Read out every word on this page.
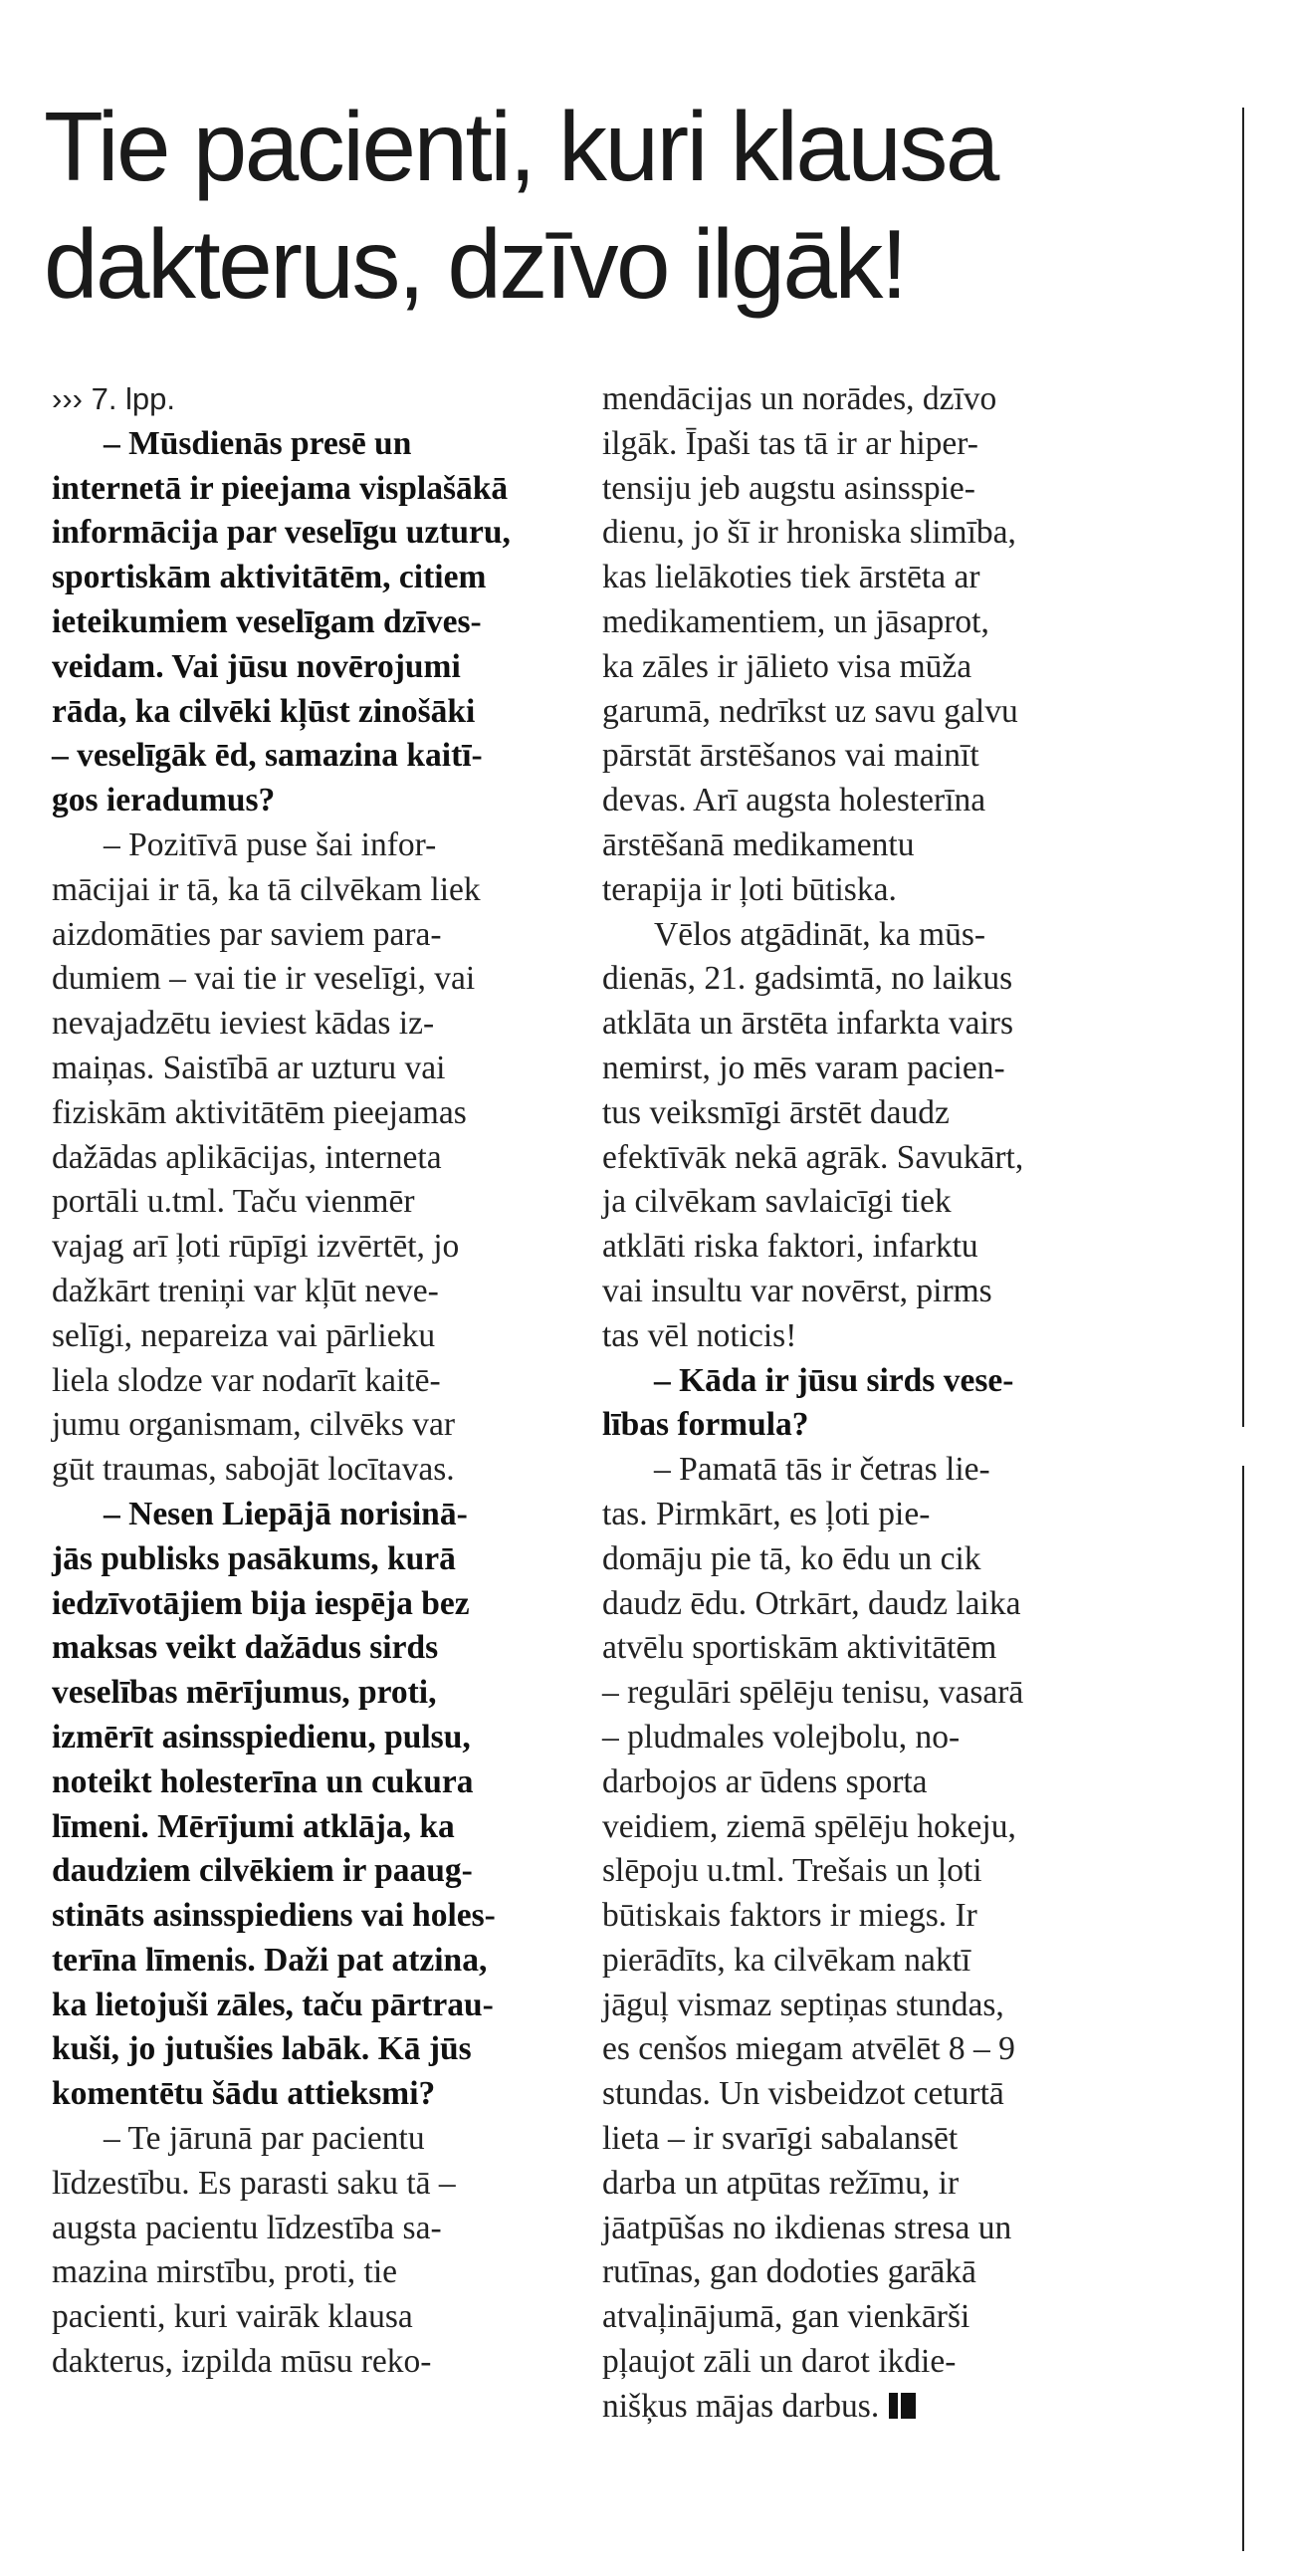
Tie pacienti, kuri klausa
dakterus, dzīvo ilgāk!
››› 7. lpp.
– Mūsdienās presē un
internetā ir pieejama visplašākā
informācija par veselīgu uzturu,
sportiskām aktivitātēm, citiem
ieteikumiem veselīgam dzīves-
veidam. Vai jūsu novērojumi
rāda, ka cilvēki kļūst zinošāki
– veselīgāk ēd, samazina kaitī-
gos ieradumus?
– Pozitīvā puse šai infor-
mācijai ir tā, ka tā cilvēkam liek
aizdomāties par saviem para-
dumiem – vai tie ir veselīgi, vai
nevajadzētu ieviest kādas iz-
maiņas. Saistībā ar uzturu vai
fiziskām aktivitātēm pieejamas
dažādas aplikācijas, interneta
portāli u.tml. Taču vienmēr
vajag arī ļoti rūpīgi izvērtēt, jo
dažkārt treniņi var kļūt neve-
selīgi, nepareiza vai pārlieku
liela slodze var nodarīt kaitē-
jumu organismam, cilvēks var
gūt traumas, sabojāt locītavas.
– Nesen Liepājā norisinā-
jās publisks pasākums, kurā
iedzīvotājiem bija iespēja bez
maksas veikt dažādus sirds
veselības mērījumus, proti,
izmērīt asinsspiedienu, pulsu,
noteikt holesterīna un cukura
līmeni. Mērījumi atklāja, ka
daudziem cilvēkiem ir paaug-
stināts asinsspiediens vai holes-
terīna līmenis. Daži pat atzina,
ka lietojuši zāles, taču pārtrau-
kuši, jo jutušies labāk. Kā jūs
komentētu šādu attieksmi?
– Te jārunā par pacientu
līdzestību. Es parasti saku tā –
augsta pacientu līdzestība sa-
mazina mirstību, proti, tie
pacienti, kuri vairāk klausa
dakterus, izpilda mūsu reko-
mendācijas un norādes, dzīvo
ilgāk. Īpaši tas tā ir ar hiper-
tensiju jeb augstu asinsspie-
dienu, jo šī ir hroniska slimība,
kas lielākoties tiek ārstēta ar
medikamentiem, un jāsaprot,
ka zāles ir jālieto visa mūža
garumā, nedrīkst uz savu galvu
pārstāt ārstēšanos vai mainīt
devas. Arī augsta holesterīna
ārstēšanā medikamentu
terapija ir ļoti būtiska.
Vēlos atgādināt, ka mūs-
dienās, 21. gadsimtā, no laikus
atklāta un ārstēta infarkta vairs
nemirst, jo mēs varam pacien-
tus veiksmīgi ārstēt daudz
efektīvāk nekā agrāk. Savukārt,
ja cilvēkam savlaicīgi tiek
atklāti riska faktori, infarktu
vai insultu var novērst, pirms
tas vēl noticis!
– Kāda ir jūsu sirds vese-
lības formula?
– Pamatā tās ir četras lie-
tas. Pirmkārt, es ļoti pie-
domāju pie tā, ko ēdu un cik
daudz ēdu. Otrkārt, daudz laika
atvēlu sportiskām aktivitātēm
– regulāri spēlēju tenisu, vasarā
– pludmales volejbolu, no-
darbojos ar ūdens sporta
veidiem, ziemā spēlēju hokeju,
slēpoju u.tml. Trešais un ļoti
būtiskais faktors ir miegs. Ir
pierādīts, ka cilvēkam naktī
jāguļ vismaz septiņas stundas,
es cenšos miegam atvēlēt 8 – 9
stundas. Un visbeidzot ceturtā
lieta – ir svarīgi sabalansēt
darba un atpūtas režīmu, ir
jāatpūšas no ikdienas stresa un
rutīnas, gan dodoties garākā
atvaļinājumā, gan vienkārši
pļaujot zāli un darot ikdie-
nišķus mājas darbus.
